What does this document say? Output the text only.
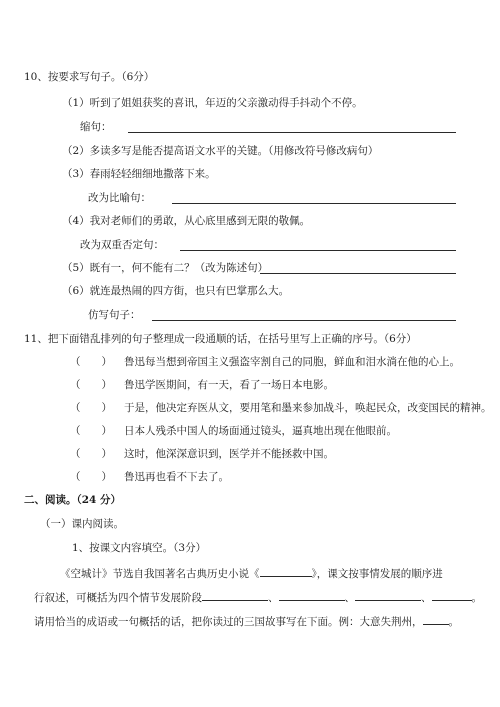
10、按要求写句子。（6分）
（1）听到了姐姐获奖的喜讯，年迈的父亲激动得手抖动个不停。
缩句：
（2）多读多写是能否提高语文水平的关键。（用修改符号修改病句）
（3）春雨轻轻细细地撒落下来。
改为比喻句：
（4）我对老师们的勇敢，从心底里感到无限的敬佩。
改为双重否定句：
（5）既有一，何不能有二？（改为陈述句）
（6）就连最热闹的四方街，也只有巴掌那么大。
仿写句子：
11、把下面错乱排列的句子整理成一段通顺的话，在括号里写上正确的序号。（6分）
（　　） 鲁迅每当想到帝国主义强盗宰割自己的同胞，鲜血和泪水淌在他的心上。
（　　） 鲁迅学医期间，有一天，看了一场日本电影。
（　　） 于是，他决定弃医从文，要用笔和墨来参加战斗，唤起民众，改变国民的精神。
（　　） 日本人残杀中国人的场面通过镜头，逼真地出现在他眼前。
（　　） 这时，他深深意识到，医学并不能拯救中国。
（　　） 鲁迅再也看不下去了。
二、阅读。（24 分）
（一）课内阅读。
1、按课文内容填空。（3分）
《空城计》节选自我国著名古典历史小说《	》，课文按事情发展的顺序进
行叙述，可概括为四个情节发展阶段	、	、	、	。
请用恰当的成语或一句概括的话，把你读过的三国故事写在下面。例：大意失荆州， 。
